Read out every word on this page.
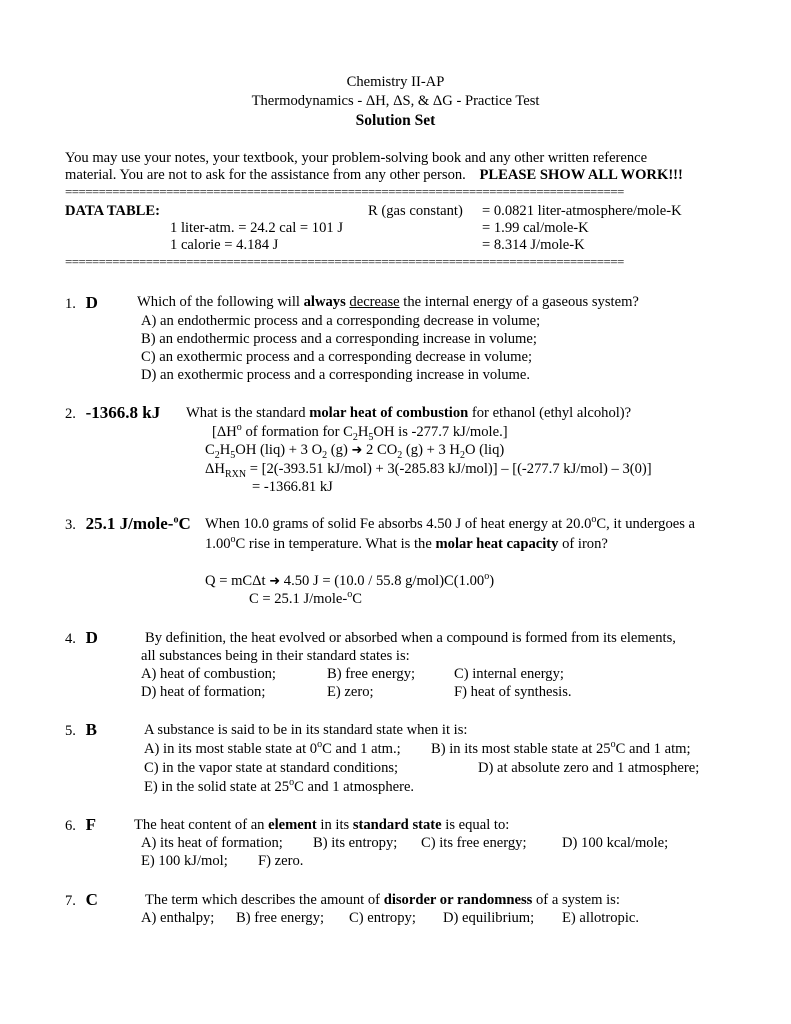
Chemistry II-AP
Thermodynamics - ΔH, ΔS, & ΔG - Practice Test
Solution Set
You may use your notes, your textbook, your problem-solving book and any other written reference
material. You are not to ask for the assistance from any other person. PLEASE SHOW ALL WORK!!!
===================================================================================
DATA TABLE:	R (gas constant) = 0.0821 liter-atmosphere/mole-K
1 liter-atm. = 24.2 cal = 101 J	= 1.99 cal/mole-K
1 calorie = 4.184 J	= 8.314 J/mole-K
===================================================================================
1. D	Which of the following will always decrease the internal energy of a gaseous system?
A) an endothermic process and a corresponding decrease in volume;
B) an endothermic process and a corresponding increase in volume;
C) an exothermic process and a corresponding decrease in volume;
D) an exothermic process and a corresponding increase in volume.
2. -1366.8 kJ What is the standard molar heat of combustion for ethanol (ethyl alcohol)?
[$\Delta H^o$ of formation for $C_2H_5OH$ is -277.7 kJ/mole.]
$C_2H_5OH$ (liq) + 3 $O_2$ (g) ➜ 2 $CO_2$ (g) + 3 $H_2O$ (liq)
$\Delta H_{RXN} = [2(-393.51$ kJ/mol) + 3(-285.83 kJ/mol)] – [(-277.7 kJ/mol) – 3(0)]
= -1366.81 kJ
3. 25.1 J/mole-$^o$C When 10.0 grams of solid Fe absorbs 4.50 J of heat energy at 20.0$^o$C, it undergoes a
1.00$^o$C rise in temperature. What is the molar heat capacity of iron?
Q = mCΔt ➜ 4.50 J = (10.0 / 55.8 g/mol)C(1.00$^o$)
C = 25.1 J/mole-$^o$C
4. D	By definition, the heat evolved or absorbed when a compound is formed from its elements,
all substances being in their standard states is:
A) heat of combustion;	B) free energy;	C) internal energy;
D) heat of formation;	E) zero;	F) heat of synthesis.
5. B	A substance is said to be in its standard state when it is:
A) in its most stable state at 0$^o$C and 1 atm.; B) in its most stable state at 25$^o$C and 1 atm;
C) in the vapor state at standard conditions;	D) at absolute zero and 1 atmosphere;
E) in the solid state at 25$^o$C and 1 atmosphere.
6. F	The heat content of an element in its standard state is equal to:
A) its heat of formation; B) its entropy; C) its free energy; D) 100 kcal/mole;
E) 100 kJ/mol; F) zero.
7. C	The term which describes the amount of disorder or randomness of a system is:
A) enthalpy; B) free energy; C) entropy; D) equilibrium; E) allotropic.
